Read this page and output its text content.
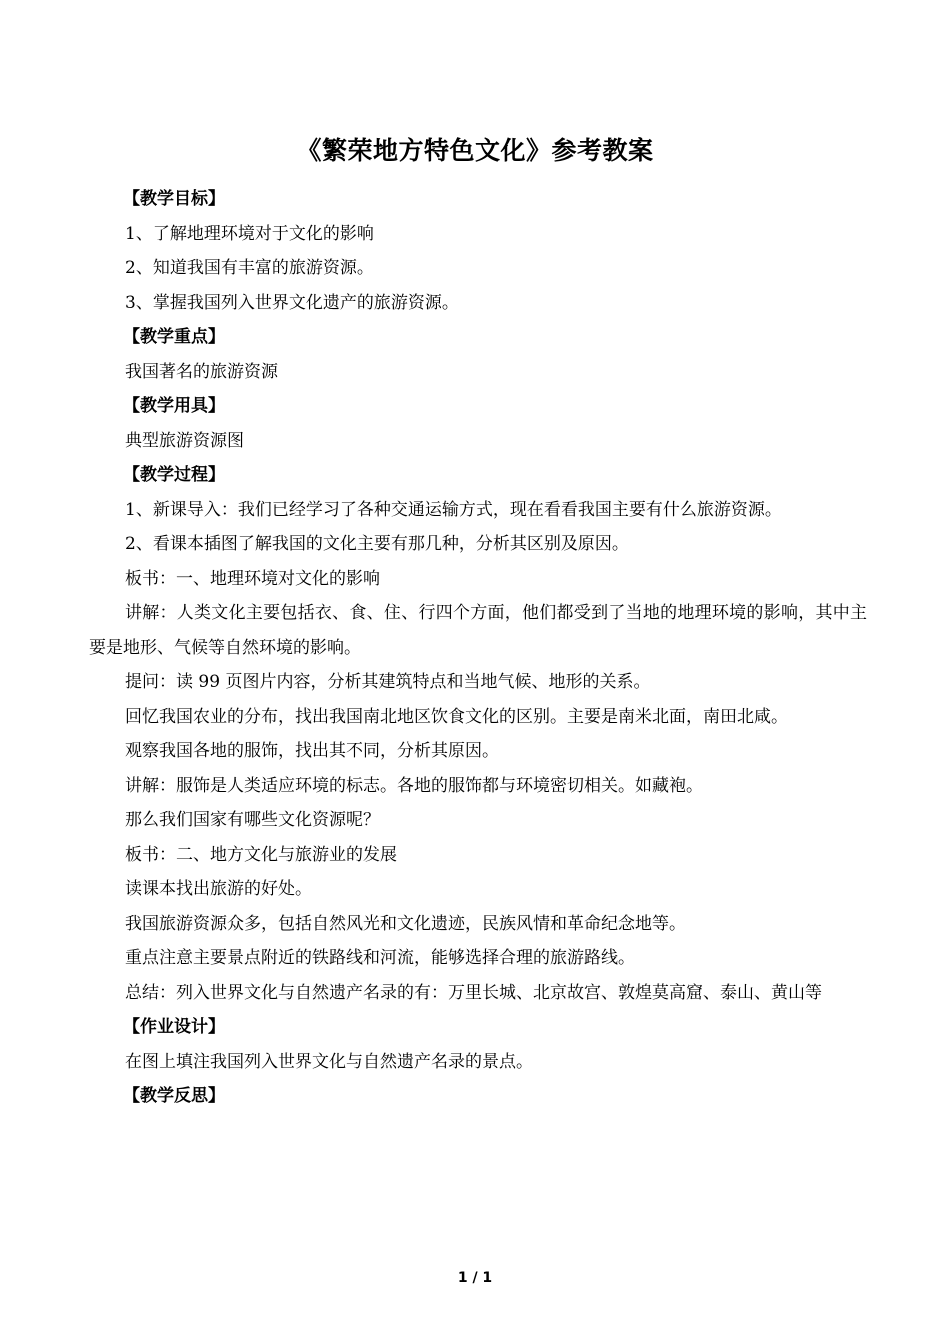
《繁荣地方特色文化》参考教案
【教学目标】
1、了解地理环境对于文化的影响
2、知道我国有丰富的旅游资源。
3、掌握我国列入世界文化遗产的旅游资源。
【教学重点】
我国著名的旅游资源
【教学用具】
典型旅游资源图
【教学过程】
1、新课导入：我们已经学习了各种交通运输方式，现在看看我国主要有什么旅游资源。
2、看课本插图了解我国的文化主要有那几种，分析其区别及原因。
板书：一、地理环境对文化的影响
讲解：人类文化主要包括衣、食、住、行四个方面，他们都受到了当地的地理环境的影响，其中主要是地形、气候等自然环境的影响。
提问：读 99 页图片内容，分析其建筑特点和当地气候、地形的关系。
回忆我国农业的分布，找出我国南北地区饮食文化的区别。主要是南米北面，南田北咸。
观察我国各地的服饰，找出其不同，分析其原因。
讲解：服饰是人类适应环境的标志。各地的服饰都与环境密切相关。如藏袍。
那么我们国家有哪些文化资源呢？
板书：二、地方文化与旅游业的发展
读课本找出旅游的好处。
我国旅游资源众多，包括自然风光和文化遗迹，民族风情和革命纪念地等。
重点注意主要景点附近的铁路线和河流，能够选择合理的旅游路线。
总结：列入世界文化与自然遗产名录的有：万里长城、北京故宫、敦煌莫高窟、泰山、黄山等
【作业设计】
在图上填注我国列入世界文化与自然遗产名录的景点。
【教学反思】
1 / 1
